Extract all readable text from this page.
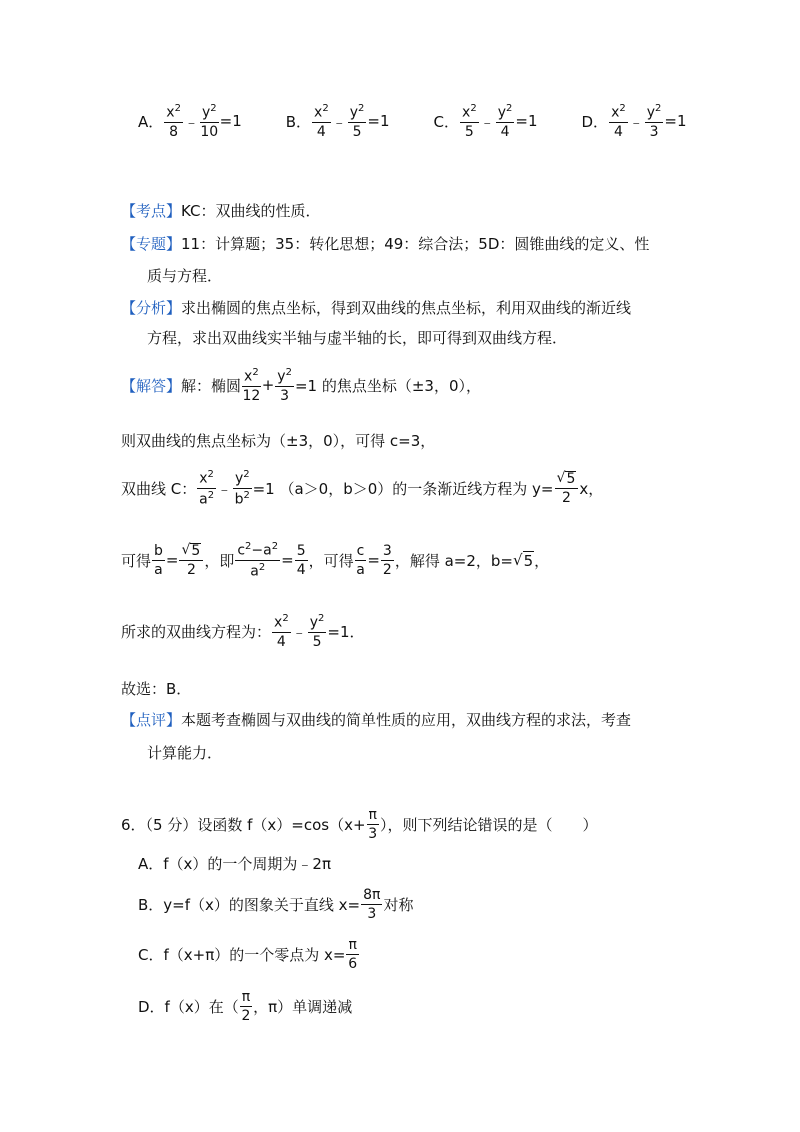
A． $\frac{x^2}{8}$ ﹣ $\frac{y^2}{10} =1$	B． $\frac{x^2}{4}$ ﹣ $\frac{y^2}{5} =1$	C． $\frac{x^2}{5}$ ﹣ $\frac{y^2}{4} =1$	D． $\frac{x^2}{4}$ ﹣ $\frac{y^2}{3} =1$
【考点】 KC：双曲线的性质．
【专题】 11：计算题；35：转化思想；49：综合法；5D：圆锥曲线的定义、性
质与方程．
【分析】 求出椭圆的焦点坐标，得到双曲线的焦点坐标，利用双曲线的渐近线
方程，求出双曲线实半轴与虚半轴的长，即可得到双曲线方程．
【解答】 解：椭圆 $\frac{x^2}{12} + \frac{y^2}{3} =1$ 的焦点坐标（±3，0），
则双曲线的焦点坐标为（±3，0），可得 c=3，
双曲线 C： $\frac{x^2}{a^2}$ ﹣ $\frac{y^2}{b^2} =1$ （a＞0，b＞0）的一条渐近线方程为 $y= \frac{√ 5}{2}$ x，
可得 $\frac{b}{a} = \frac{√ 5}{2}$ ，即 $\frac{c^2-a^2}{a^2} = \frac{5}{4}$ ，可得 $\frac{c}{a} = \frac{3}{2}$ ，解得 a=2，b= √ 5 ，
所求的双曲线方程为： $\frac{x^2}{4}$ ﹣ $\frac{y^2}{5} =1$．
故选：B．
【点评】 本题考查椭圆与双曲线的简单性质的应用，双曲线方程的求法，考查
计算能力．
6．（5 分）设函数 $f(x)=\cos(x+ \frac{\pi}{3}$ ），则下列结论错误的是（　　）
A．f（x）的一个周期为﹣2π
B．y=f（x）的图象关于直线 $x= \frac{8\pi}{3}$ 对称
C．f（x+π）的一个零点为 $x= \frac{\pi}{6}$
D．f（x）在（ $\frac{\pi}{2}$ ，π）单调递减
